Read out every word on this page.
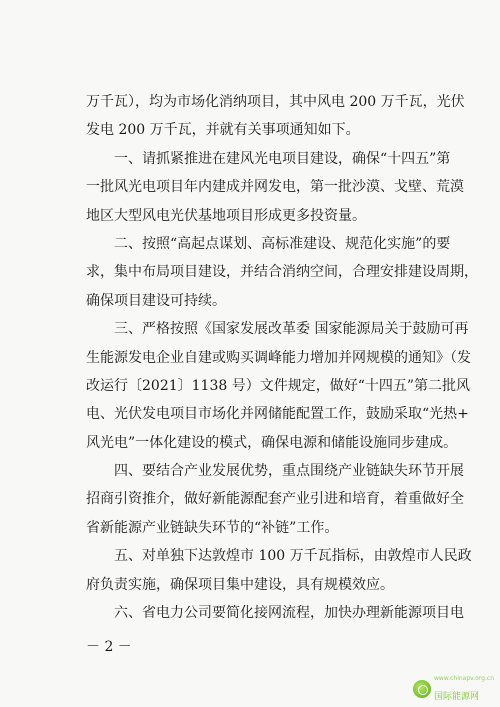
万千瓦），均为市场化消纳项目，其中风电 200 万千瓦，光伏
发电 200 万千瓦，并就有关事项通知如下。
一、请抓紧推进在建风光电项目建设，确保“十四五”第
一批风光电项目年内建成并网发电，第一批沙漠、戈壁、荒漠
地区大型风电光伏基地项目形成更多投资量。
二、按照“高起点谋划、高标准建设、规范化实施”的要
求，集中布局项目建设，并结合消纳空间，合理安排建设周期，
确保项目建设可持续。
三、严格按照《国家发展改革委 国家能源局关于鼓励可再
生能源发电企业自建或购买调峰能力增加并网规模的通知》（发
改运行〔2021〕1138 号）文件规定，做好“十四五”第二批风
电、光伏发电项目市场化并网储能配置工作，鼓励采取“光热+
风光电”一体化建设的模式，确保电源和储能设施同步建成。
四、要结合产业发展优势，重点围绕产业链缺失环节开展
招商引资推介，做好新能源配套产业引进和培育，着重做好全
省新能源产业链缺失环节的“补链”工作。
五、对单独下达敦煌市 100 万千瓦指标，由敦煌市人民政
府负责实施，确保项目集中建设，具有规模效应。
六、省电力公司要简化接网流程，加快办理新能源项目电
－ 2 －
www.chinapv.org.cn
国际能源网
